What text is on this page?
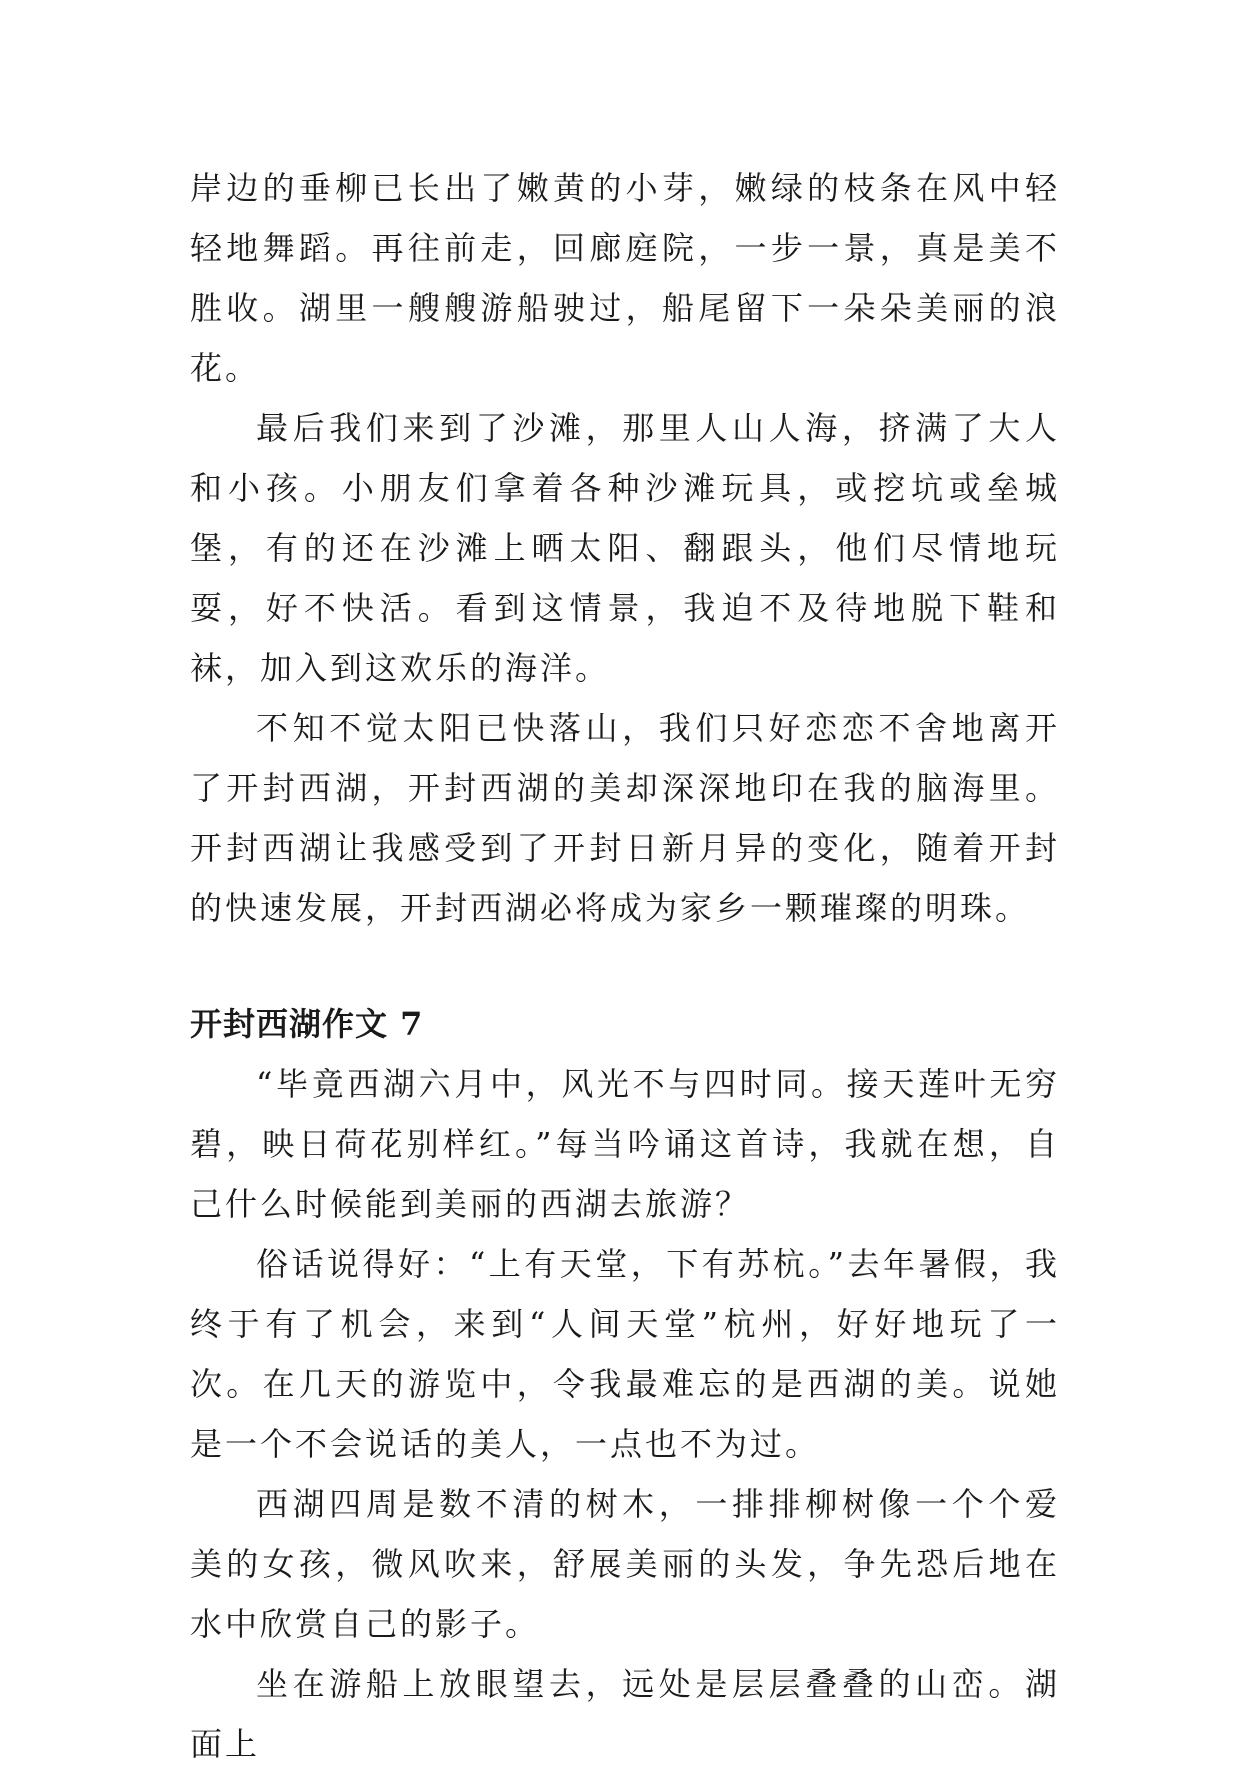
岸边的垂柳已长出了嫩黄的小芽，嫩绿的枝条在风中轻轻地舞蹈。再往前走，回廊庭院，一步一景，真是美不胜收。湖里一艘艘游船驶过，船尾留下一朵朵美丽的浪花。

最后我们来到了沙滩，那里人山人海，挤满了大人和小孩。小朋友们拿着各种沙滩玩具，或挖坑或垒城堡，有的还在沙滩上晒太阳、翻跟头，他们尽情地玩耍，好不快活。看到这情景，我迫不及待地脱下鞋和袜，加入到这欢乐的海洋。

不知不觉太阳已快落山，我们只好恋恋不舍地离开了开封西湖，开封西湖的美却深深地印在我的脑海里。开封西湖让我感受到了开封日新月异的变化，随着开封的快速发展，开封西湖必将成为家乡一颗璀璨的明珠。

开封西湖作文 7

“毕竟西湖六月中，风光不与四时同。接天莲叶无穷碧，映日荷花别样红。”每当吟诵这首诗，我就在想，自己什么时候能到美丽的西湖去旅游？

俗话说得好：“上有天堂，下有苏杭。”去年暑假，我终于有了机会，来到“人间天堂”杭州，好好地玩了一次。在几天的游览中，令我最难忘的是西湖的美。说她是一个不会说话的美人，一点也不为过。

西湖四周是数不清的树木，一排排柳树像一个个爱美的女孩，微风吹来，舒展美丽的头发，争先恐后地在水中欣赏自己的影子。

坐在游船上放眼望去，远处是层层叠叠的山峦。湖面上
